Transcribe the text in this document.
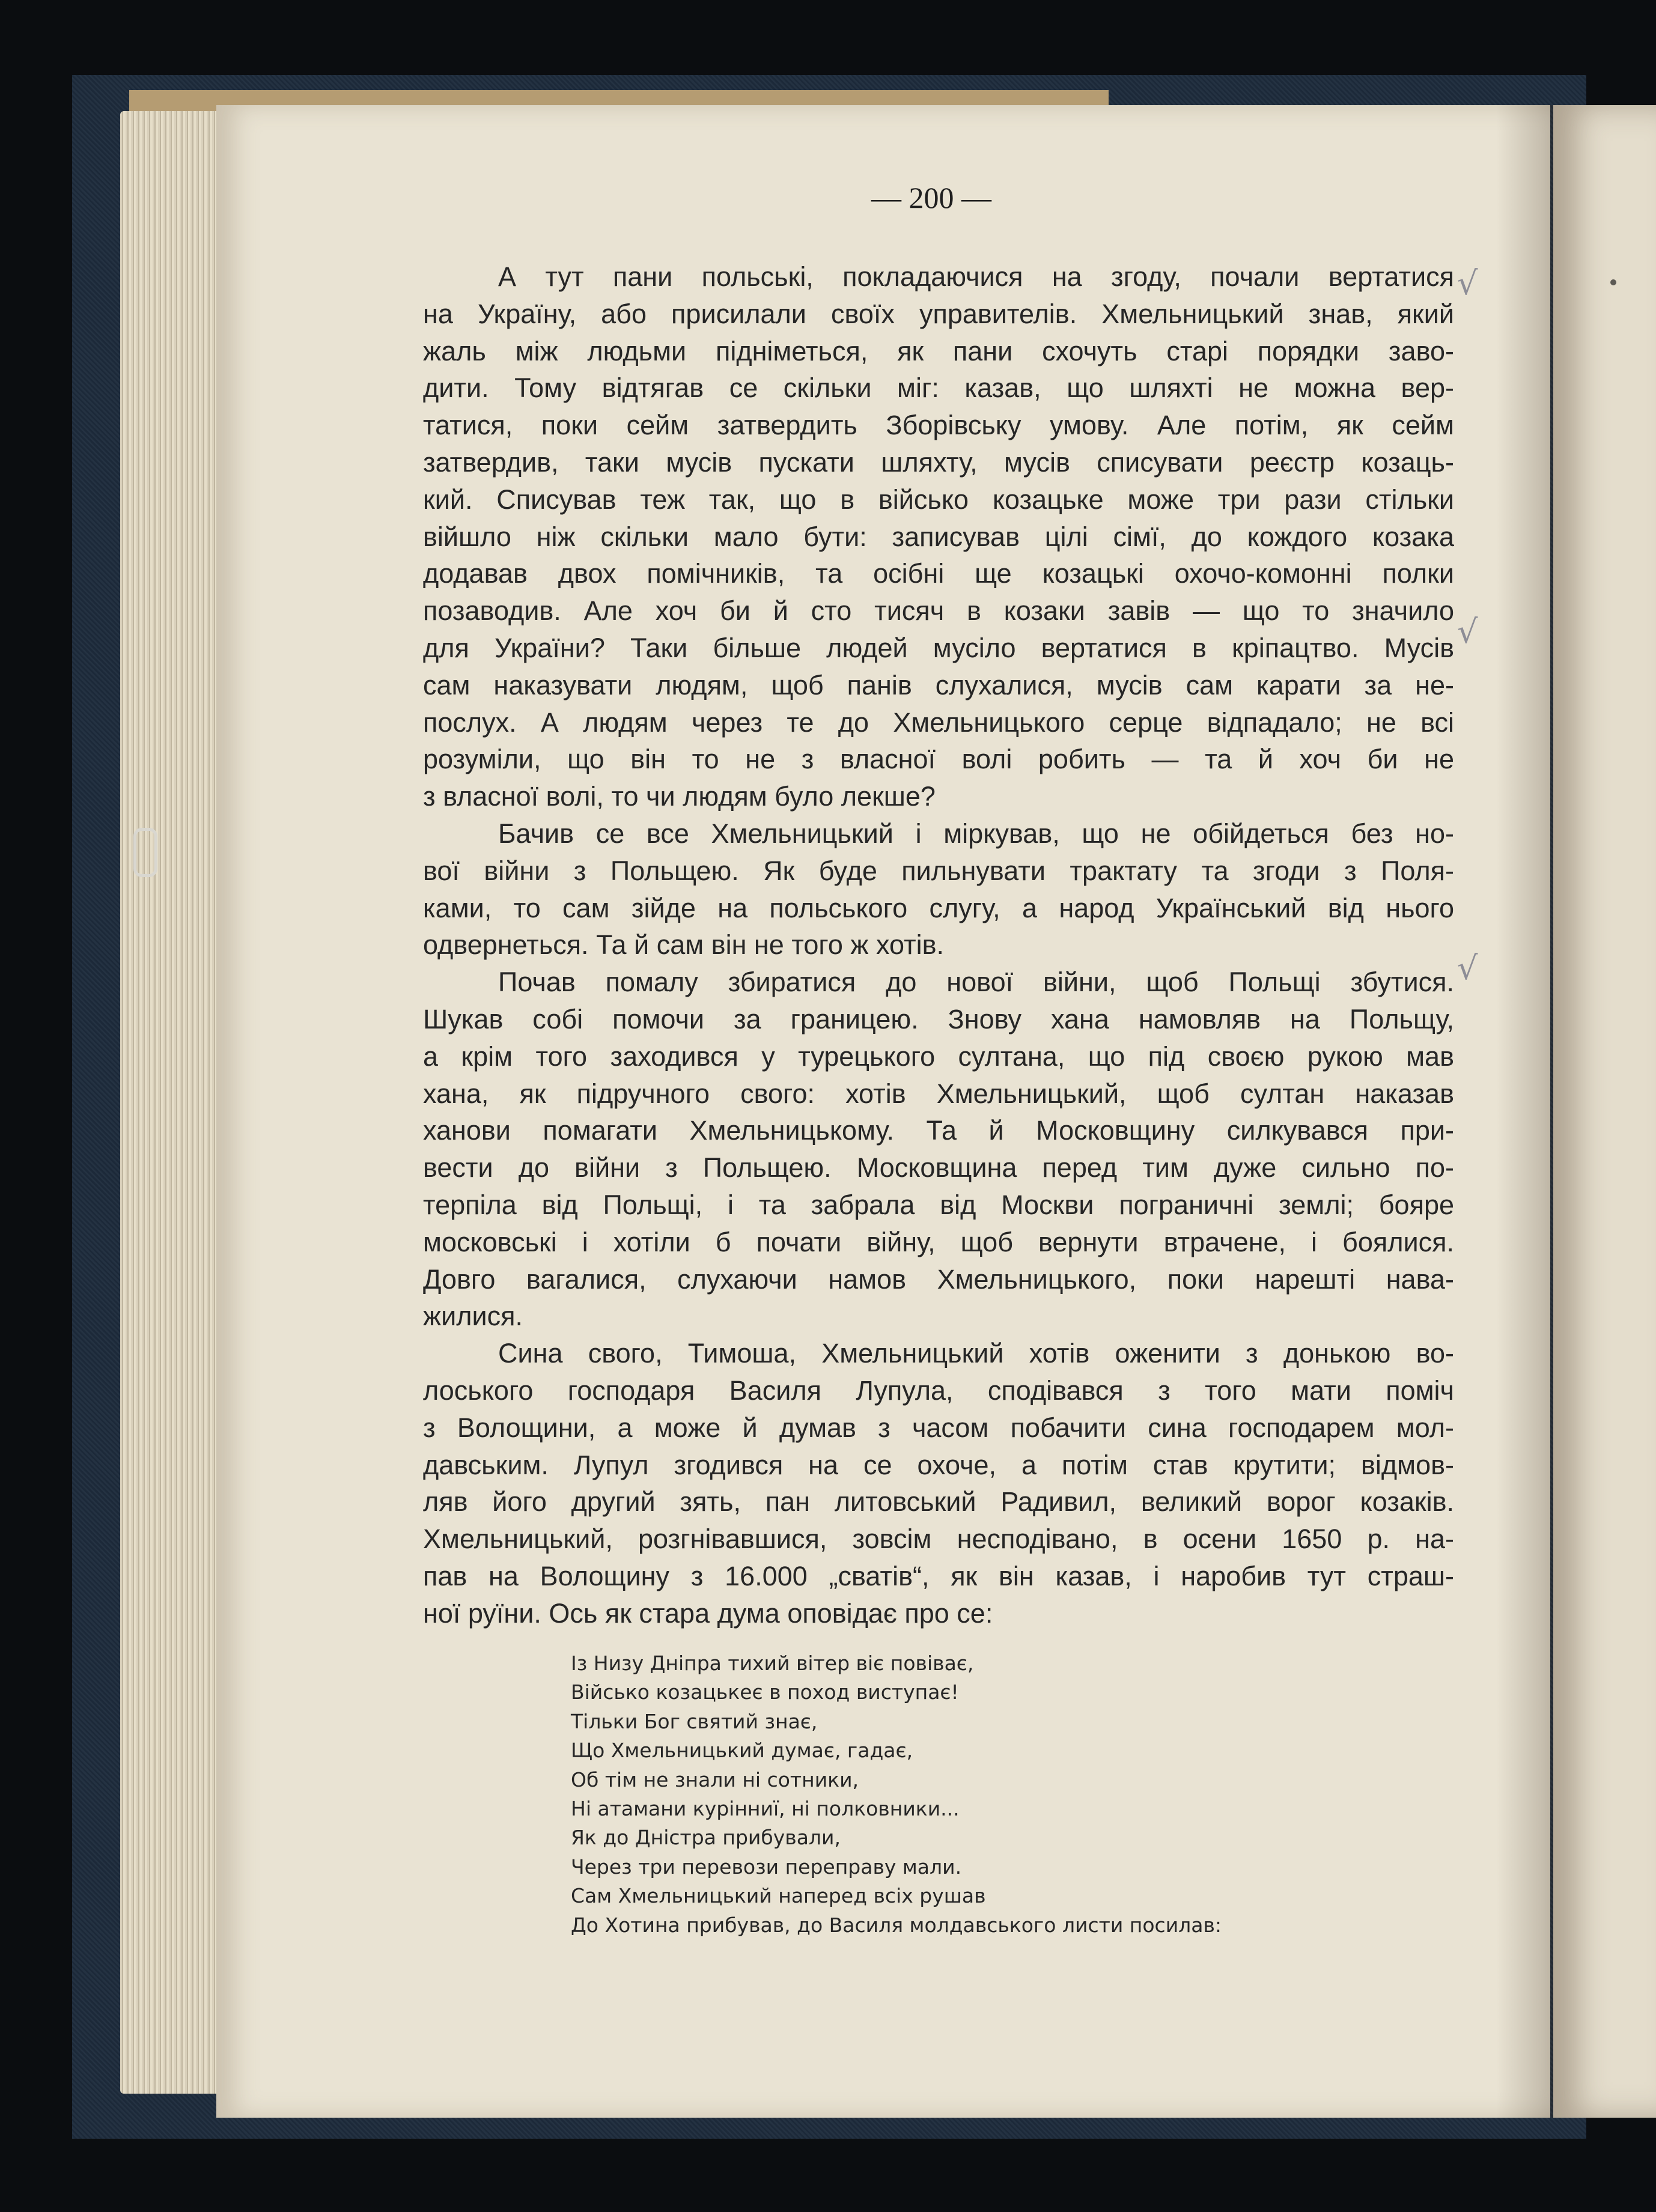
— 200 —
А тут пани польські, покладаючися на згоду, почали вертатися
на Україну, або присилали своїх управителів. Хмельницький знав, який
жаль між людьми підніметься, як пани схочуть старі порядки заво-
дити. Тому відтягав се скільки міг: казав, що шляхті не можна вер-
татися, поки сейм затвердить Зборівську умову. Але потім, як сейм
затвердив, таки мусів пускати шляхту, мусів списувати реєстр козаць-
кий. Списував теж так, що в військо козацьке може три рази стільки
війшло ніж скільки мало бути: записував цілі сімї, до кождого козака
додавав двох помічників, та осібні ще козацькі охочо-комонні полки
позаводив. Але хоч би й сто тисяч в козаки завів — що то значило
для України? Таки більше людей мусіло вертатися в кріпацтво. Мусів
сам наказувати людям, щоб панів слухалися, мусів сам карати за не-
послух. А людям через те до Хмельницького серце відпадало; не всі
розуміли, що він то не з власної волі робить — та й хоч би не
з власної волі, то чи людям було лекше?
Бачив се все Хмельницький і міркував, що не обійдеться без но-
вої війни з Польщею. Як буде пильнувати трактату та згоди з Поля-
ками, то сам зійде на польського слугу, а народ Український від нього
одвернеться. Та й сам він не того ж хотів.
Почав помалу збиратися до нової війни, щоб Польщі збутися.
Шукав собі помочи за границею. Знову хана намовляв на Польщу,
а крім того заходився у турецького султана, що під своєю рукою мав
хана, як підручного свого: хотів Хмельницький, щоб султан наказав
ханови помагати Хмельницькому. Та й Московщину силкувався при-
вести до війни з Польщею. Московщина перед тим дуже сильно по-
терпіла від Польщі, і та забрала від Москви пограничні землі; бояре
московські і хотіли б почати війну, щоб вернути втрачене, і боялися.
Довго вагалися, слухаючи намов Хмельницького, поки нарешті нава-
жилися.
Сина свого, Тимоша, Хмельницький хотів оженити з донькою во-
лоського господаря Василя Лупула, сподівався з того мати поміч
з Волощини, а може й думав з часом побачити сина господарем мол-
давським. Лупул згодився на се охоче, а потім став крутити; відмов-
ляв його другий зять, пан литовський Радивил, великий ворог козаків.
Хмельницький, розгнівавшися, зовсім несподівано, в осени 1650 р. на-
пав на Волощину з 16.000 „сватів“, як він казав, і наробив тут страш-
ної руїни. Ось як стара дума оповідає про се:
Із Низу Дніпра тихий вітер віє повіває,
Військо козацькеє в поход виступає!
Тільки Бог святий знає,
Що Хмельницький думає, гадає,
Об тім не знали ні сотники,
Ні атамани курінниї, ні полковники...
Як до Дністра прибували,
Через три перевози переправу мали.
Сам Хмельницький наперед всіх рушав
До Хотина прибував, до Василя молдавського листи посилав:
√
√
√
